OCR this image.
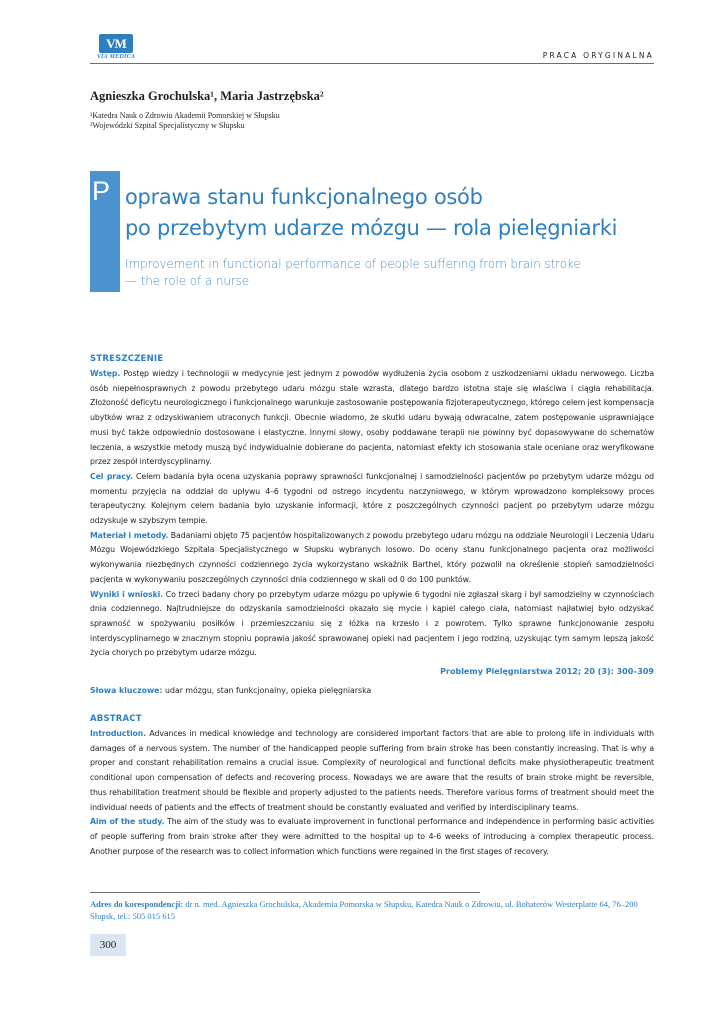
VM
VIA MEDICA	PRACA ORYGINALNA
Agnieszka Grochulska¹, Maria Jastrzębska²
¹Katedra Nauk o Zdrowiu Akademii Pomorskiej w Słupsku
²Wojewódzki Szpital Specjalistyczny w Słupsku
P oprawa stanu funkcjonalnego osób
po przebytym udarze mózgu — rola pielęgniarki
Improvement in functional performance of people suffering from brain stroke
— the role of a nurse
STRESZCZENIE

Wstęp. Postęp wiedzy i technologii w medycynie jest jednym z powodów wydłużenia życia osobom z uszkodzeniami układu nerwowego. Liczba osób niepełnosprawnych z powodu przebytego udaru mózgu stale wzrasta, dlatego bardzo istotna staje się właściwa i ciągła rehabilitacja. Złożoność deficytu neurologicznego i funkcjonalnego warunkuje zastosowanie postępowania fizjoterapeutycznego, którego celem jest kompensacja ubytków wraz z odzyskiwaniem utraconych funkcji. Obecnie wiadomo, że skutki udaru bywają odwracalne, zatem postępowanie usprawniające musi być także odpowiednio dostosowane i elastyczne. Innymi słowy, osoby poddawane terapii nie powinny być dopasowywane do schematów leczenia, a wszystkie metody muszą być indywidualnie dobierane do pacjenta, natomiast efekty ich stosowania stale oceniane oraz weryfikowane przez zespół interdyscyplinarny.

Cel pracy. Celem badania była ocena uzyskania poprawy sprawności funkcjonalnej i samodzielności pacjentów po przebytym udarze mózgu od momentu przyjęcia na oddział do upływu 4–6 tygodni od ostrego incydentu naczyniowego, w którym wprowadzono kompleksowy proces terapeutyczny. Kolejnym celem badania było uzyskanie informacji, które z poszczególnych czynności pacjent po przebytym udarze mózgu odzyskuje w szybszym tempie.

Materiał i metody. Badaniami objęto 75 pacjentów hospitalizowanych z powodu przebytego udaru mózgu na oddziale Neurologii i Leczenia Udaru Mózgu Wojewódzkiego Szpitala Specjalistycznego w Słupsku wybranych losowo. Do oceny stanu funkcjonalnego pacjenta oraz możliwości wykonywania niezbędnych czynności codziennego życia wykorzystano wskaźnik Barthel, który pozwolił na określenie stopień samodzielności pacjenta w wykonywaniu poszczególnych czynności dnia codziennego w skali od 0 do 100 punktów.

Wyniki i wnioski. Co trzeci badany chory po przebytym udarze mózgu po upływie 6 tygodni nie zgłaszał skarg i był samodzielny w czynnościach dnia codziennego. Najtrudniejsze do odzyskania samodzielności okazało się mycie i kąpiel całego ciała, natomiast najłatwiej było odzyskać sprawność w spożywaniu posiłków i przemieszczaniu się z łóżka na krzesło i z powrotem. Tylko sprawne funkcjonowanie zespołu interdyscyplinarnego w znacznym stopniu poprawia jakość sprawowanej opieki nad pacjentem i jego rodziną, uzyskując tym samym lepszą jakość życia chorych po przebytym udarze mózgu.

Problemy Pielęgniarstwa 2012; 20 (3): 300–309
Słowa kluczowe: udar mózgu, stan funkcjonalny, opieka pielęgniarska
ABSTRACT

Introduction. Advances in medical knowledge and technology are considered important factors that are able to prolong life in individuals with damages of a nervous system. The number of the handicapped people suffering from brain stroke has been constantly increasing. That is why a proper and constant rehabilitation remains a crucial issue. Complexity of neurological and functional deficits make physiotherapeutic treatment conditional upon compensation of defects and recovering process. Nowadays we are aware that the results of brain stroke might be reversible, thus rehabilitation treatment should be flexible and properly adjusted to the patients needs. Therefore various forms of treatment should meet the individual needs of patients and the effects of treatment should be constantly evaluated and verified by interdisciplinary teams.

Aim of the study. The aim of the study was to evaluate improvement in functional performance and independence in performing basic activities of people suffering from brain stroke after they were admitted to the hospital up to 4-6 weeks of introducing a complex therapeutic process. Another purpose of the research was to collect information which functions were regained in the first stages of recovery.

Adres do korespondencji: dr n. med. Agnieszka Grochulska, Akademia Pomorska w Słupsku, Katedra Nauk o Zdrowiu, ul. Bohaterów Westerplatte 64, 76–200 Słupsk, tel.: 505 015 615
300
